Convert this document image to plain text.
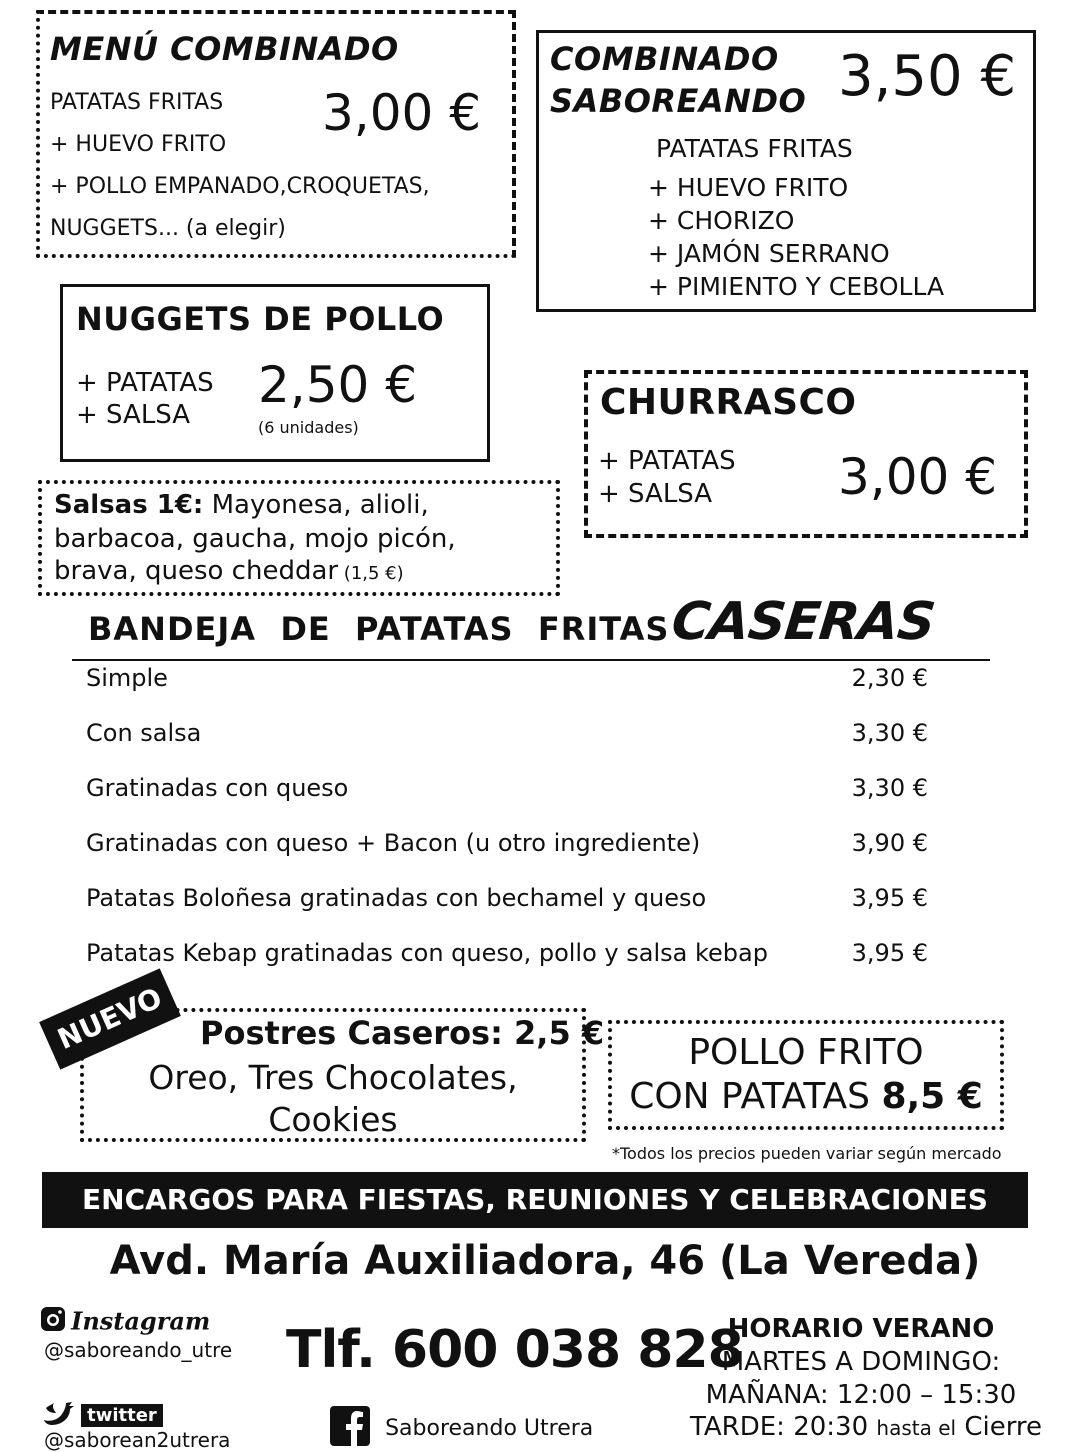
MENÚ COMBINADO
PATATAS FRITAS
+ HUEVO FRITO
+ POLLO EMPANADO,CROQUETAS,
NUGGETS... (a elegir)
3,00 €
COMBINADO
SABOREANDO 3,50 €
PATATAS FRITAS
+ HUEVO FRITO
+ CHORIZO
+ JAMÓN SERRANO
+ PIMIENTO Y CEBOLLA
NUGGETS DE POLLO
+ PATATAS
+ SALSA
2,50 €
(6 unidades)
CHURRASCO
+ PATATAS
+ SALSA	3,00 €
Salsas 1€: Mayonesa, alioli,
barbacoa, gaucha, mojo picón,
brava, queso cheddar (1,5 €)
BANDEJA  DE  PATATAS  FRITAS CASERAS
Simple	2,30 €
Con salsa	3,30 €
Gratinadas con queso	3,30 €
Gratinadas con queso + Bacon (u otro ingrediente)	3,90 €
Patatas Boloñesa gratinadas con bechamel y queso	3,95 €
Patatas Kebap gratinadas con queso, pollo y salsa kebap	3,95 €
NUEVO	Postres Caseros: 2,5 €
Oreo, Tres Chocolates,
Cookies
POLLO FRITO
CON PATATAS 8,5 €
*Todos los precios pueden variar según mercado
ENCARGOS PARA FIESTAS, REUNIONES Y CELEBRACIONES
Avd. María Auxiliadora, 46 (La Vereda)
Instagram
@saboreando_utre
twitter
@saborean2utrera	Saboreando Utrera
Tlf. 600 038 828
HORARIO VERANO
MARTES A DOMINGO:
MAÑANA: 12:00 – 15:30
TARDE: 20:30 hasta el Cierre
